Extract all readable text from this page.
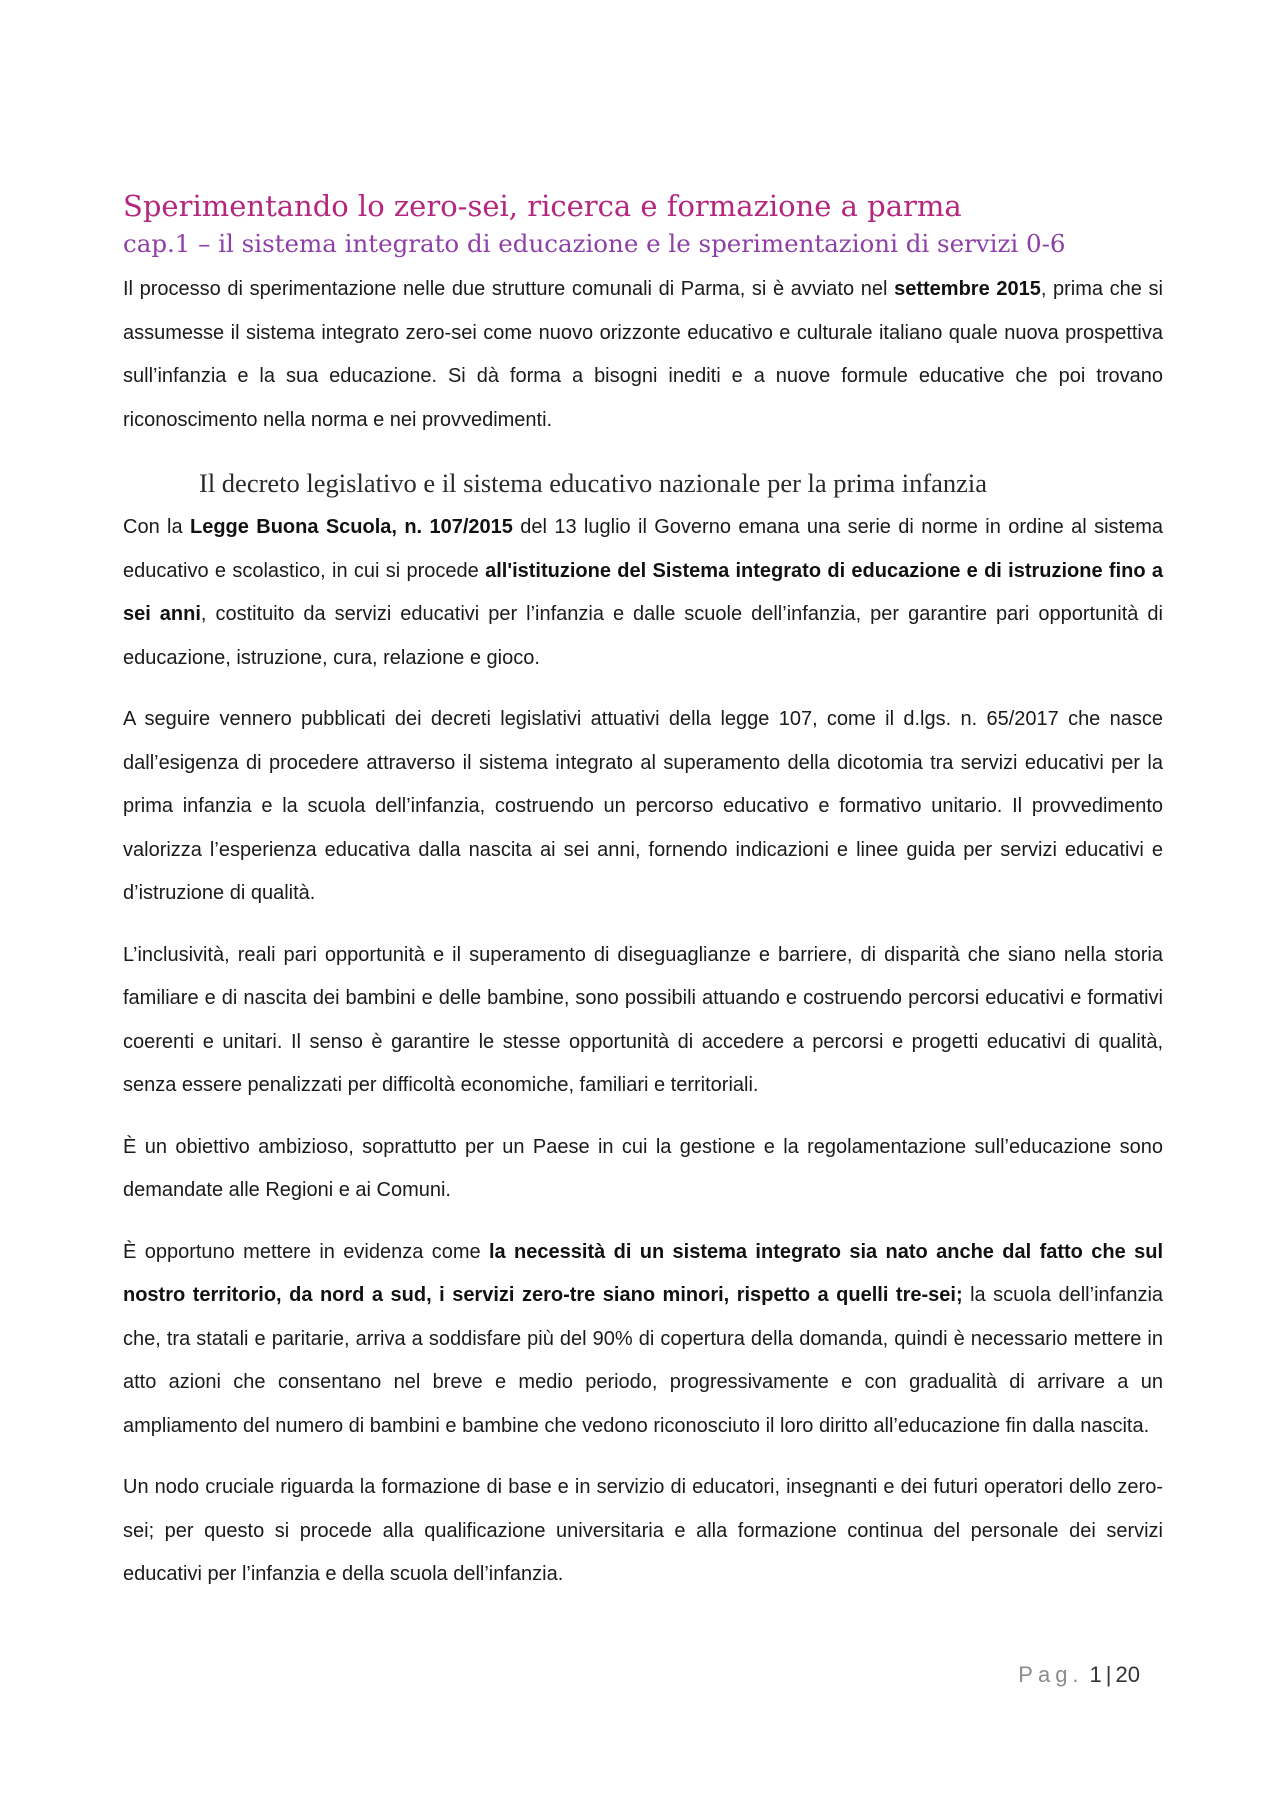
Sperimentando lo zero-sei, ricerca e formazione a parma
cap.1 – il sistema integrato di educazione e le sperimentazioni di servizi 0-6

Il processo di sperimentazione nelle due strutture comunali di Parma, si è avviato nel settembre 2015, prima che si assumesse il sistema integrato zero-sei come nuovo orizzonte educativo e culturale italiano quale nuova prospettiva sull’infanzia e la sua educazione. Si dà forma a bisogni inediti e a nuove formule educative che poi trovano riconoscimento nella norma e nei provvedimenti.

Il decreto legislativo e il sistema educativo nazionale per la prima infanzia

Con la Legge Buona Scuola, n. 107/2015 del 13 luglio il Governo emana una serie di norme in ordine al sistema educativo e scolastico, in cui si procede all'istituzione del Sistema integrato di educazione e di istruzione fino a sei anni, costituito da servizi educativi per l’infanzia e dalle scuole dell’infanzia, per garantire pari opportunità di educazione, istruzione, cura, relazione e gioco.

A seguire vennero pubblicati dei decreti legislativi attuativi della legge 107, come il d.lgs. n. 65/2017 che nasce dall’esigenza di procedere attraverso il sistema integrato al superamento della dicotomia tra servizi educativi per la prima infanzia e la scuola dell’infanzia, costruendo un percorso educativo e formativo unitario. Il provvedimento valorizza l’esperienza educativa dalla nascita ai sei anni, fornendo indicazioni e linee guida per servizi educativi e d’istruzione di qualità.

L’inclusività, reali pari opportunità e il superamento di diseguaglianze e barriere, di disparità che siano nella storia familiare e di nascita dei bambini e delle bambine, sono possibili attuando e costruendo percorsi educativi e formativi coerenti e unitari. Il senso è garantire le stesse opportunità di accedere a percorsi e progetti educativi di qualità, senza essere penalizzati per difficoltà economiche, familiari e territoriali.

È un obiettivo ambizioso, soprattutto per un Paese in cui la gestione e la regolamentazione sull’educazione sono demandate alle Regioni e ai Comuni.

È opportuno mettere in evidenza come la necessità di un sistema integrato sia nato anche dal fatto che sul nostro territorio, da nord a sud, i servizi zero-tre siano minori, rispetto a quelli tre-sei; la scuola dell’infanzia che, tra statali e paritarie, arriva a soddisfare più del 90% di copertura della domanda, quindi è necessario mettere in atto azioni che consentano nel breve e medio periodo, progressivamente e con gradualità di arrivare a un ampliamento del numero di bambini e bambine che vedono riconosciuto il loro diritto all’educazione fin dalla nascita.

Un nodo cruciale riguarda la formazione di base e in servizio di educatori, insegnanti e dei futuri operatori dello zero-sei; per questo si procede alla qualificazione universitaria e alla formazione continua del personale dei servizi educativi per l’infanzia e della scuola dell’infanzia.

Pag. 1 | 20
